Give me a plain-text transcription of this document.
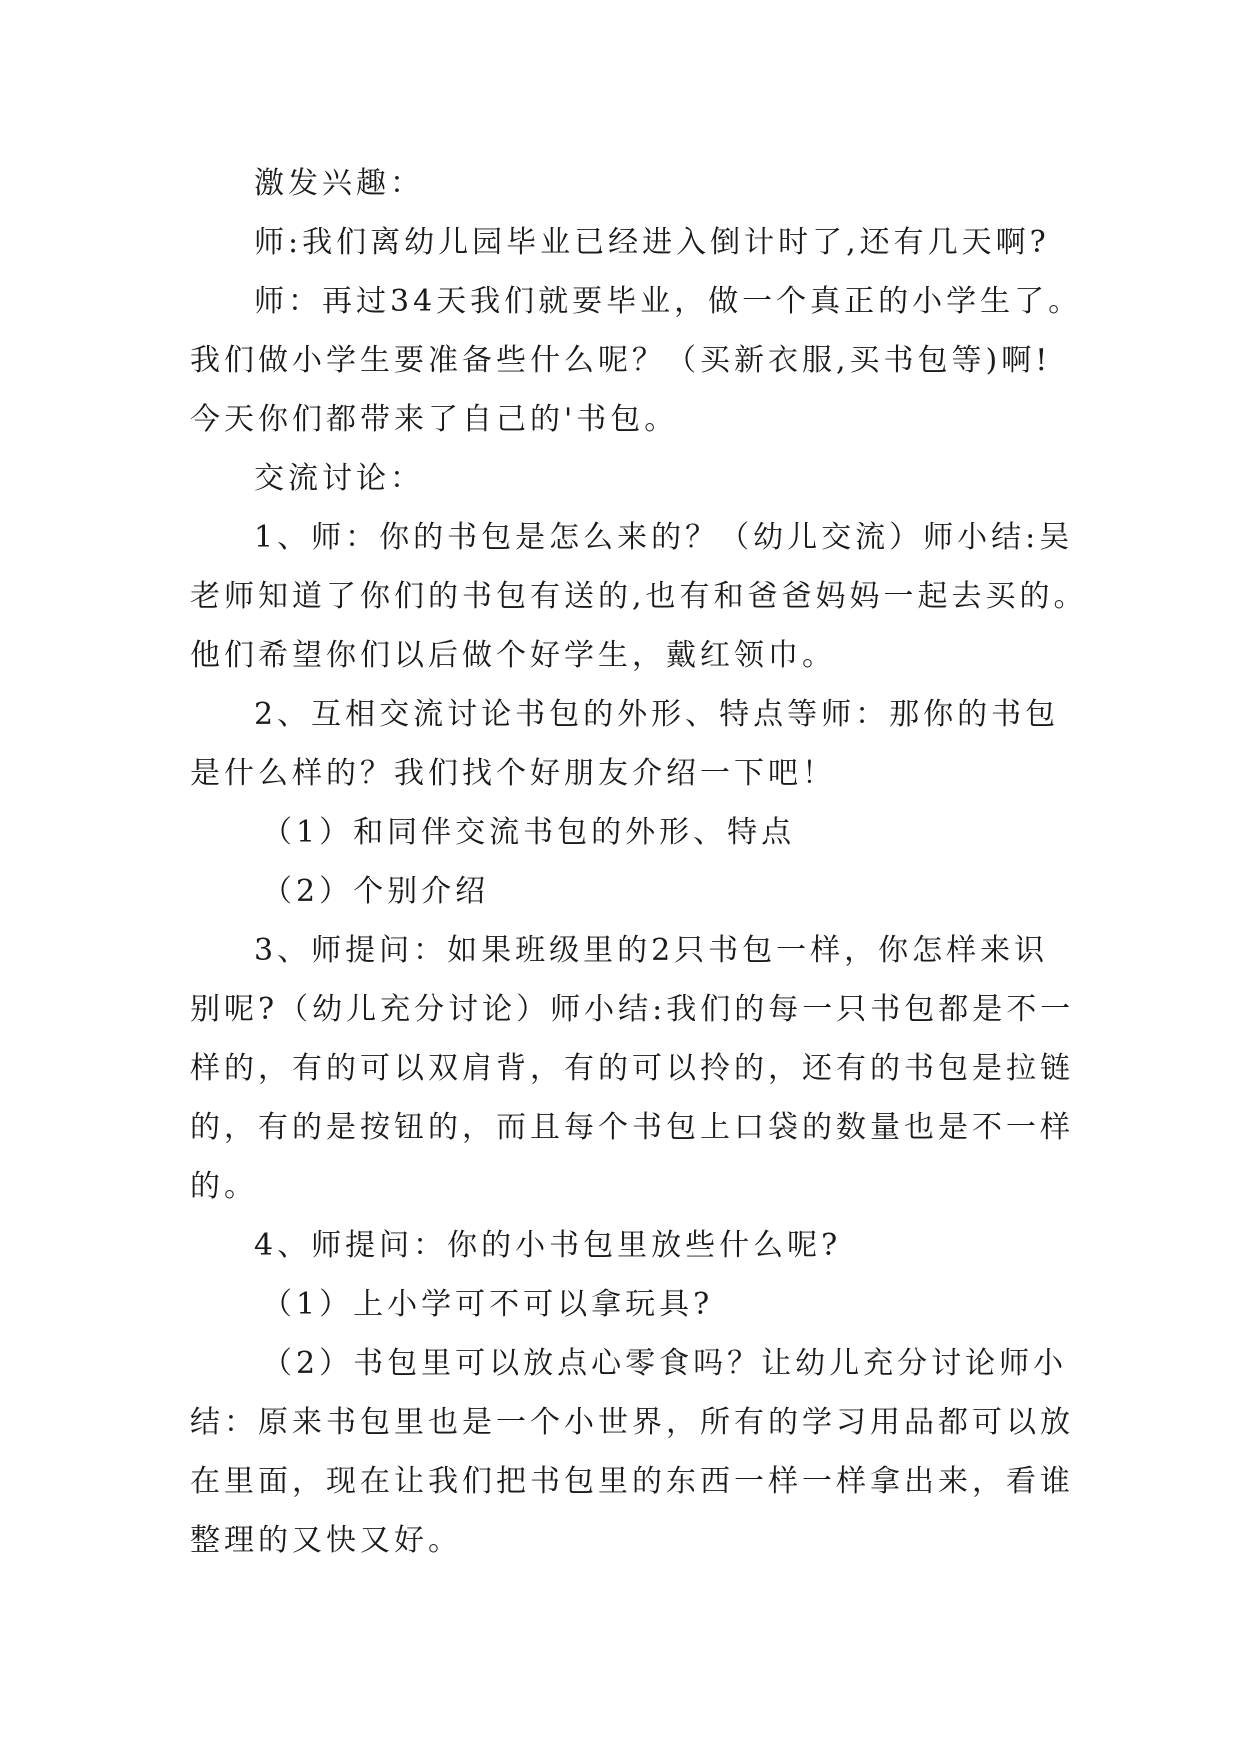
激发兴趣：
师:我们离幼儿园毕业已经进入倒计时了,还有几天啊?
师：再过34天我们就要毕业，做一个真正的小学生了。
我们做小学生要准备些什么呢？（买新衣服,买书包等)啊!
今天你们都带来了自己的'书包。
交流讨论：
1、师：你的书包是怎么来的？（幼儿交流）师小结:吴
老师知道了你们的书包有送的,也有和爸爸妈妈一起去买的。
他们希望你们以后做个好学生，戴红领巾。
2、互相交流讨论书包的外形、特点等师：那你的书包
是什么样的？我们找个好朋友介绍一下吧！
（1）和同伴交流书包的外形、特点
（2）个别介绍
3、师提问：如果班级里的2只书包一样，你怎样来识
别呢?（幼儿充分讨论）师小结:我们的每一只书包都是不一
样的，有的可以双肩背，有的可以拎的，还有的书包是拉链
的，有的是按钮的，而且每个书包上口袋的数量也是不一样
的。
4、师提问：你的小书包里放些什么呢?
（1）上小学可不可以拿玩具?
（2）书包里可以放点心零食吗？让幼儿充分讨论师小
结：原来书包里也是一个小世界，所有的学习用品都可以放
在里面，现在让我们把书包里的东西一样一样拿出来，看谁
整理的又快又好。
